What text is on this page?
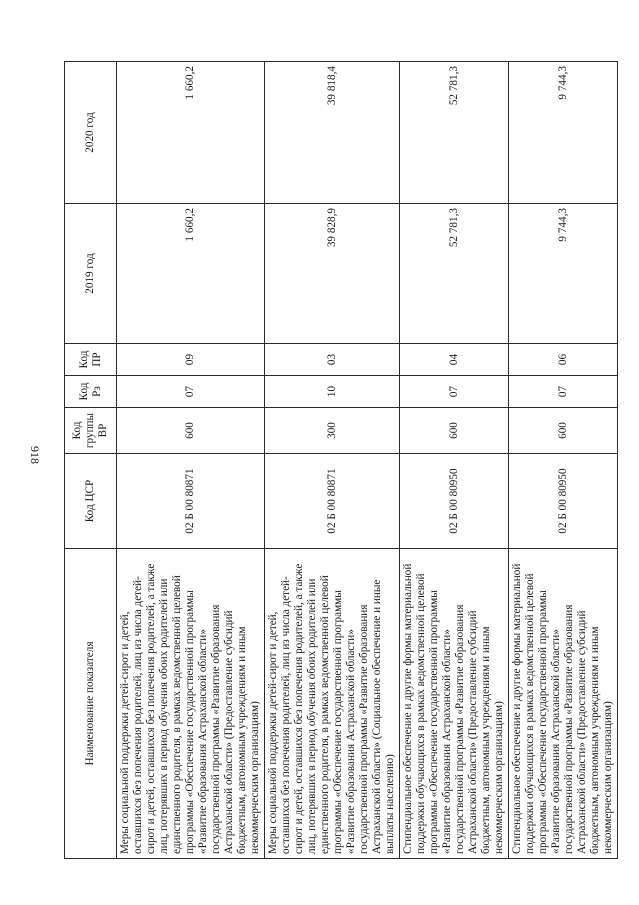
918
Наименование показателя	Код ЦСР	Код группы ВР	Код Рз	Код ПР	2019 год	2020 год
Меры социальной поддержки детей-сирот и детей, оставшихся без попечения родителей, лиц из числа детей-сирот и детей, оставшихся без попечения родителей, а также лиц, потерявших в период обучения обоих родителей или единственного родителя, в рамках ведомственной целевой программы «Обеспечение государственной программы «Развитие образования Астраханской области» государственной программы «Развитие образования Астраханской области» (Предоставление субсидий бюджетным, автономным учреждениям и иным некоммерческим организациям)	02 Б 00 80871	600	07	09	1 660,2	1 660,2
Меры социальной поддержки детей-сирот и детей, оставшихся без попечения родителей, лиц из числа детей-сирот и детей, оставшихся без попечения родителей, а также лиц, потерявших в период обучения обоих родителей или единственного родителя, в рамках ведомственной целевой программы «Обеспечение государственной программы «Развитие образования Астраханской области» государственной программы «Развитие образования Астраханской области» (Социальное обеспечение и иные выплаты населению)	02 Б 00 80871	300	10	03	39 828,9	39 818,4
Стипендиальное обеспечение и другие формы материальной поддержки обучающихся в рамках ведомственной целевой программы «Обеспечение государственной программы «Развитие образования Астраханской области» государственной программы «Развитие образования Астраханской области» (Предоставление субсидий бюджетным, автономным учреждениям и иным некоммерческим организациям)	02 Б 00 80950	600	07	04	52 781,3	52 781,3
Стипендиальное обеспечение и другие формы материальной поддержки обучающихся в рамках ведомственной целевой программы «Обеспечение государственной программы «Развитие образования Астраханской области» государственной программы «Развитие образования Астраханской области» (Предоставление субсидий бюджетным, автономным учреждениям и иным некоммерческим организациям)	02 Б 00 80950	600	07	06	9 744,3	9 744,3
